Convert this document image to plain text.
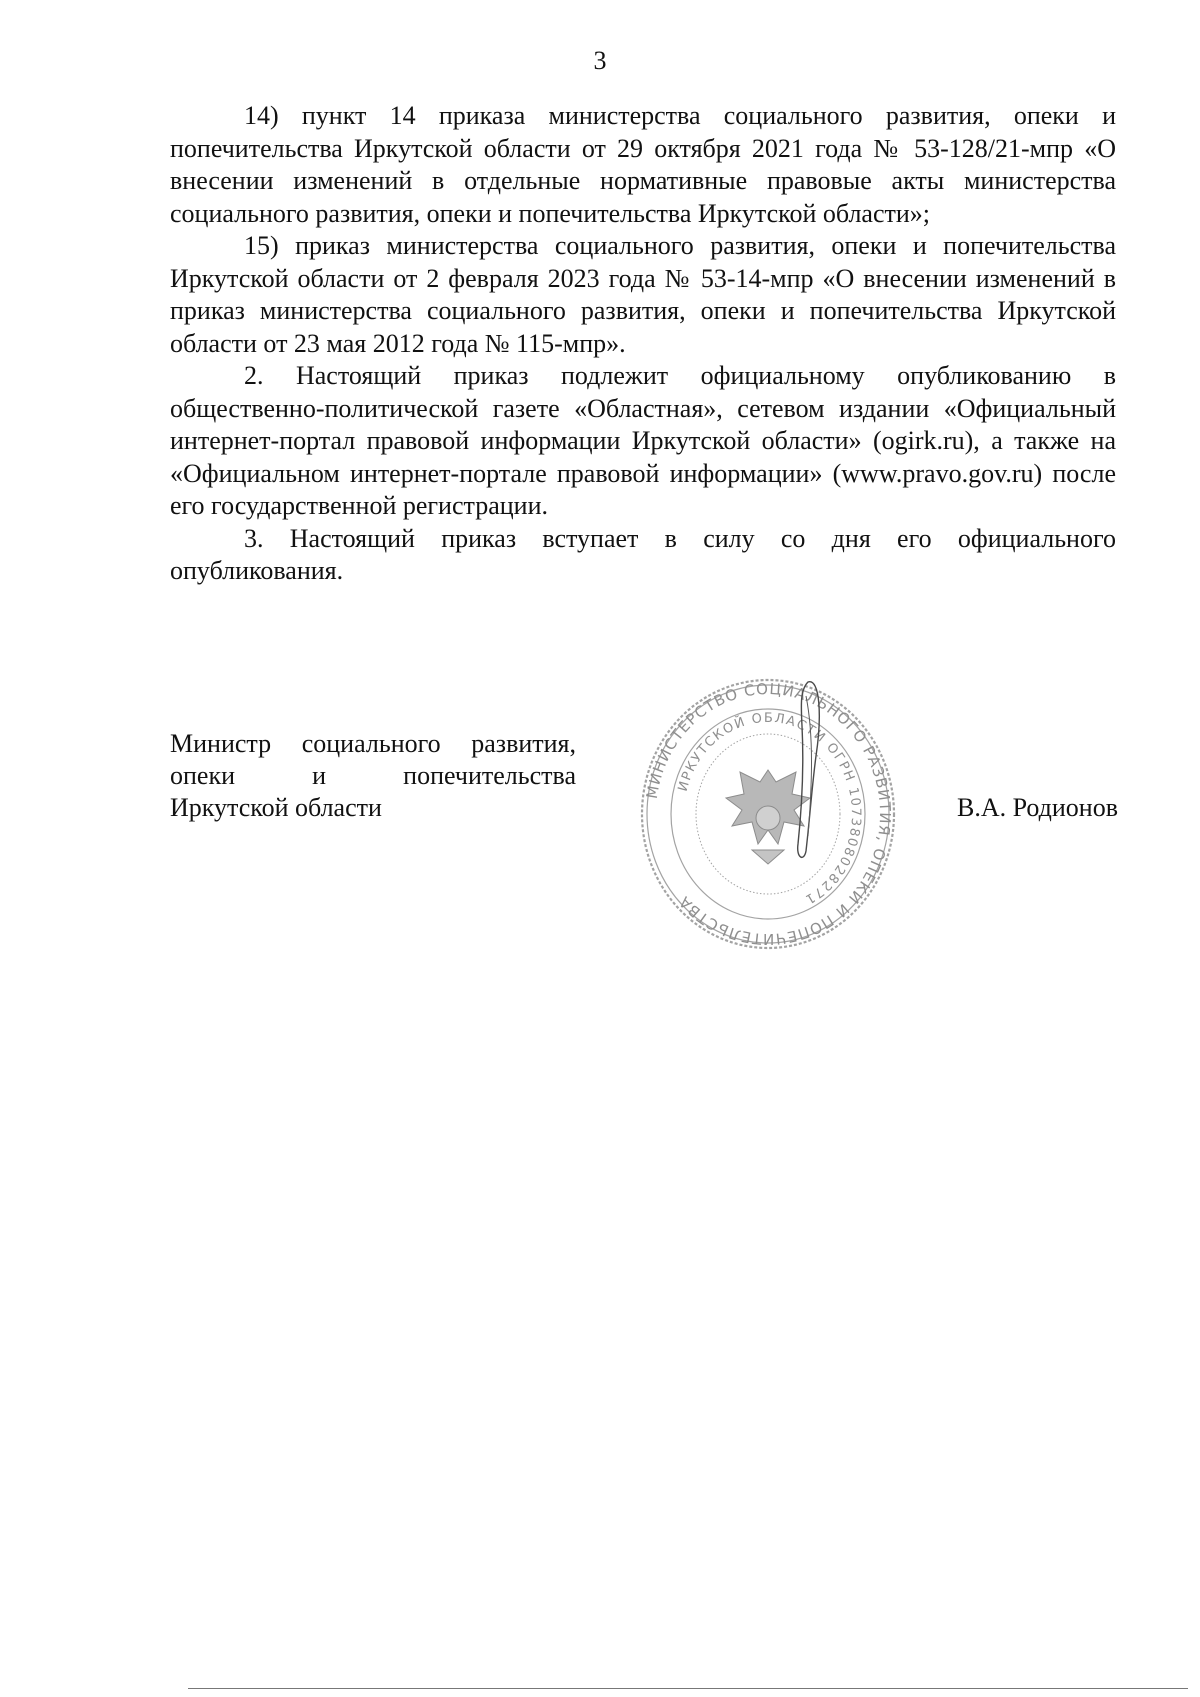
3

14) пункт 14 приказа министерства социального развития, опеки и попечительства Иркутской области от 29 октября 2021 года № 53-128/21-мпр «О внесении изменений в отдельные нормативные правовые акты министерства социального развития, опеки и попечительства Иркутской области»;

15) приказ министерства социального развития, опеки и попечительства Иркутской области от 2 февраля 2023 года № 53-14-мпр «О внесении изменений в приказ министерства социального развития, опеки и попечительства Иркутской области от 23 мая 2012 года № 115-мпр».

2. Настоящий приказ подлежит официальному опубликованию в общественно-политической газете «Областная», сетевом издании «Официальный интернет-портал правовой информации Иркутской области» (ogirk.ru), а также на «Официальном интернет-портале правовой информации» (www.pravo.gov.ru) после его государственной регистрации.

3. Настоящий приказ вступает в силу со дня его официального опубликования.

Министр социального развития,
опеки и попечительства
Иркутской области
МИНИСТЕРСТВО СОЦИАЛЬНОГО РАЗВИТИЯ, ОПЕКИ И ПОПЕЧИТЕЛЬСТВА
ИРКУТСКОЙ ОБЛАСТИ ОГРН 1073808028271
В.А. Родионов
